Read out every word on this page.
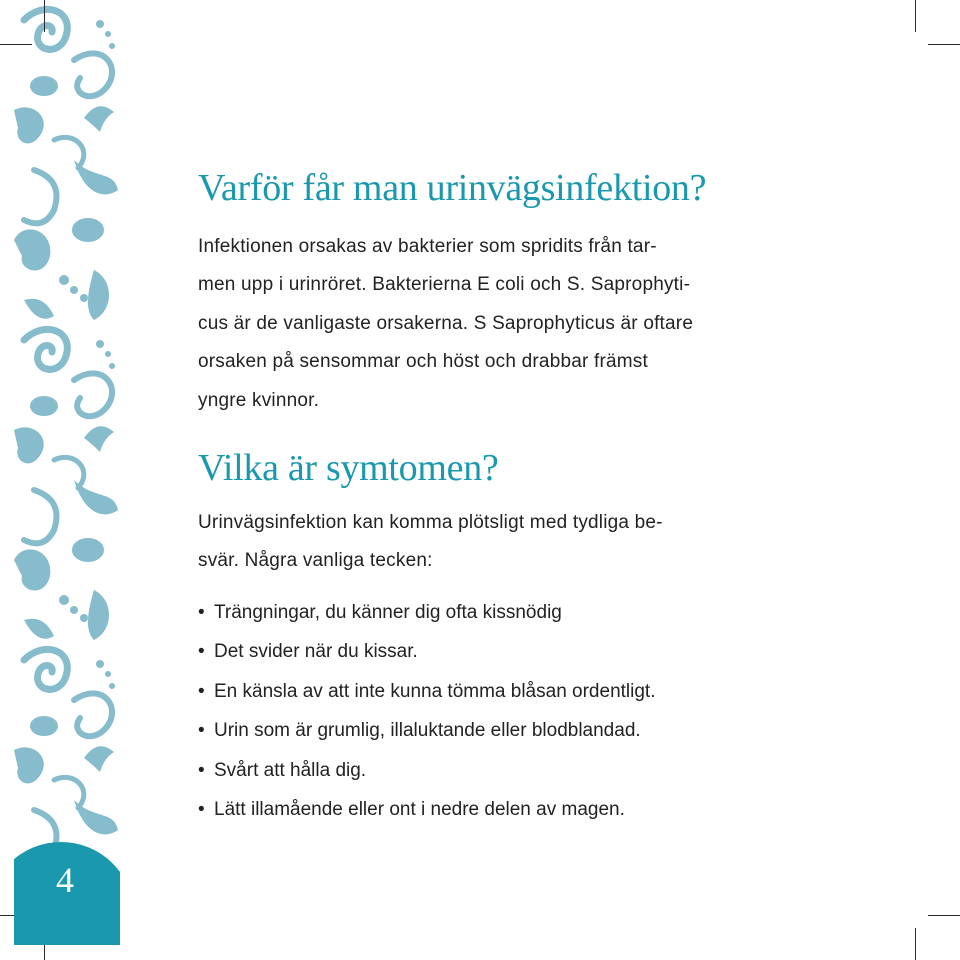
4
Varför får man urinvägsinfektion?

Infektionen orsakas av bakterier som spridits från tar-
men upp i urinröret. Bakterierna E coli och S. Saprophyti-
cus är de vanligaste orsakerna. S Saprophyticus är oftare
orsaken på sensommar och höst och drabbar främst
yngre kvinnor.

Vilka är symtomen?

Urinvägsinfektion kan komma plötsligt med tydliga be-
svär. Några vanliga tecken:

• Trängningar, du känner dig ofta kissnödig
• Det svider när du kissar.
• En känsla av att inte kunna tömma blåsan ordentligt.
• Urin som är grumlig, illaluktande eller blodblandad.
• Svårt att hålla dig.
• Lätt illamående eller ont i nedre delen av magen.
